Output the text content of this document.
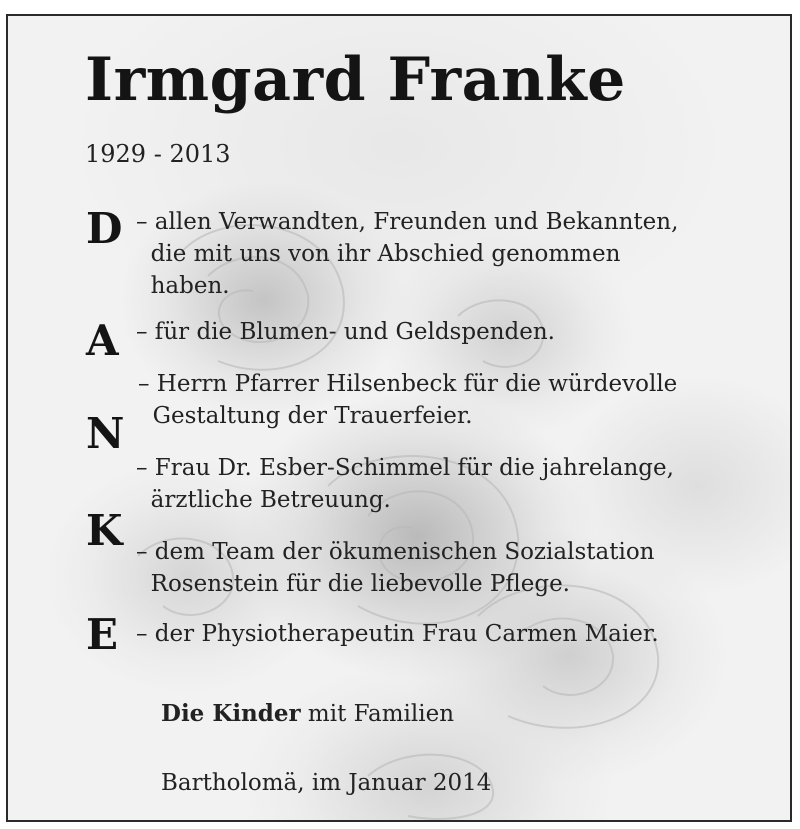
Irmgard Franke
1929 - 2013
D
A
N
K
E
– allen Verwandten, Freunden und Bekannten,
die mit uns von ihr Abschied genommen
haben.
– für die Blumen- und Geldspenden.
– Herrn Pfarrer Hilsenbeck für die würdevolle
Gestaltung der Trauerfeier.
– Frau Dr. Esber-Schimmel für die jahrelange,
ärztliche Betreuung.
– dem Team der ökumenischen Sozialstation
Rosenstein für die liebevolle Pflege.
– der Physiotherapeutin Frau Carmen Maier.
Die Kinder mit Familien
Bartholomä, im Januar 2014
